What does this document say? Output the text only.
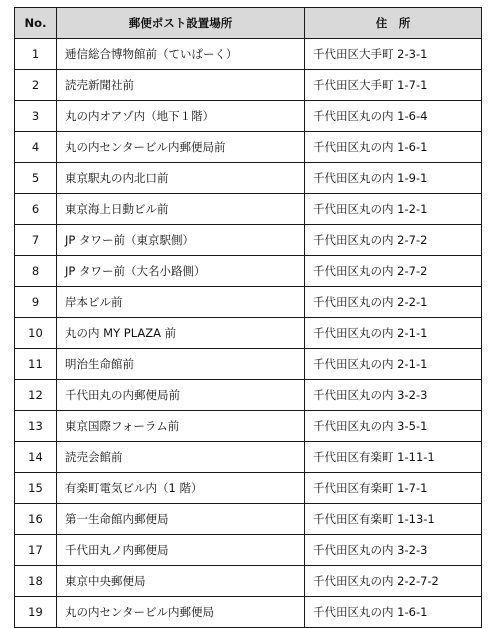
No.	郵便ポスト設置場所	住　所
1	逓信総合博物館前（ていぱーく）	千代田区大手町 2-3-1
2	読売新聞社前	千代田区大手町 1-7-1
3	丸の内オアゾ内（地下１階）	千代田区丸の内 1-6-4
4	丸の内センタービル内郵便局前	千代田区丸の内 1-6-1
5	東京駅丸の内北口前	千代田区丸の内 1-9-1
6	東京海上日動ビル前	千代田区丸の内 1-2-1
7	JP タワー前（東京駅側）	千代田区丸の内 2-7-2
8	JP タワー前（大名小路側）	千代田区丸の内 2-7-2
9	岸本ビル前	千代田区丸の内 2-2-1
10	丸の内 MY PLAZA 前	千代田区丸の内 2-1-1
11	明治生命館前	千代田区丸の内 2-1-1
12	千代田丸の内郵便局前	千代田区丸の内 3-2-3
13	東京国際フォーラム前	千代田区丸の内 3-5-1
14	読売会館前	千代田区有楽町 1-11-1
15	有楽町電気ビル内（1 階）	千代田区有楽町 1-7-1
16	第一生命館内郵便局	千代田区有楽町 1-13-1
17	千代田丸ノ内郵便局	千代田区丸の内 3-2-3
18	東京中央郵便局	千代田区丸の内 2-2-7-2
19	丸の内センタービル内郵便局	千代田区丸の内 1-6-1
